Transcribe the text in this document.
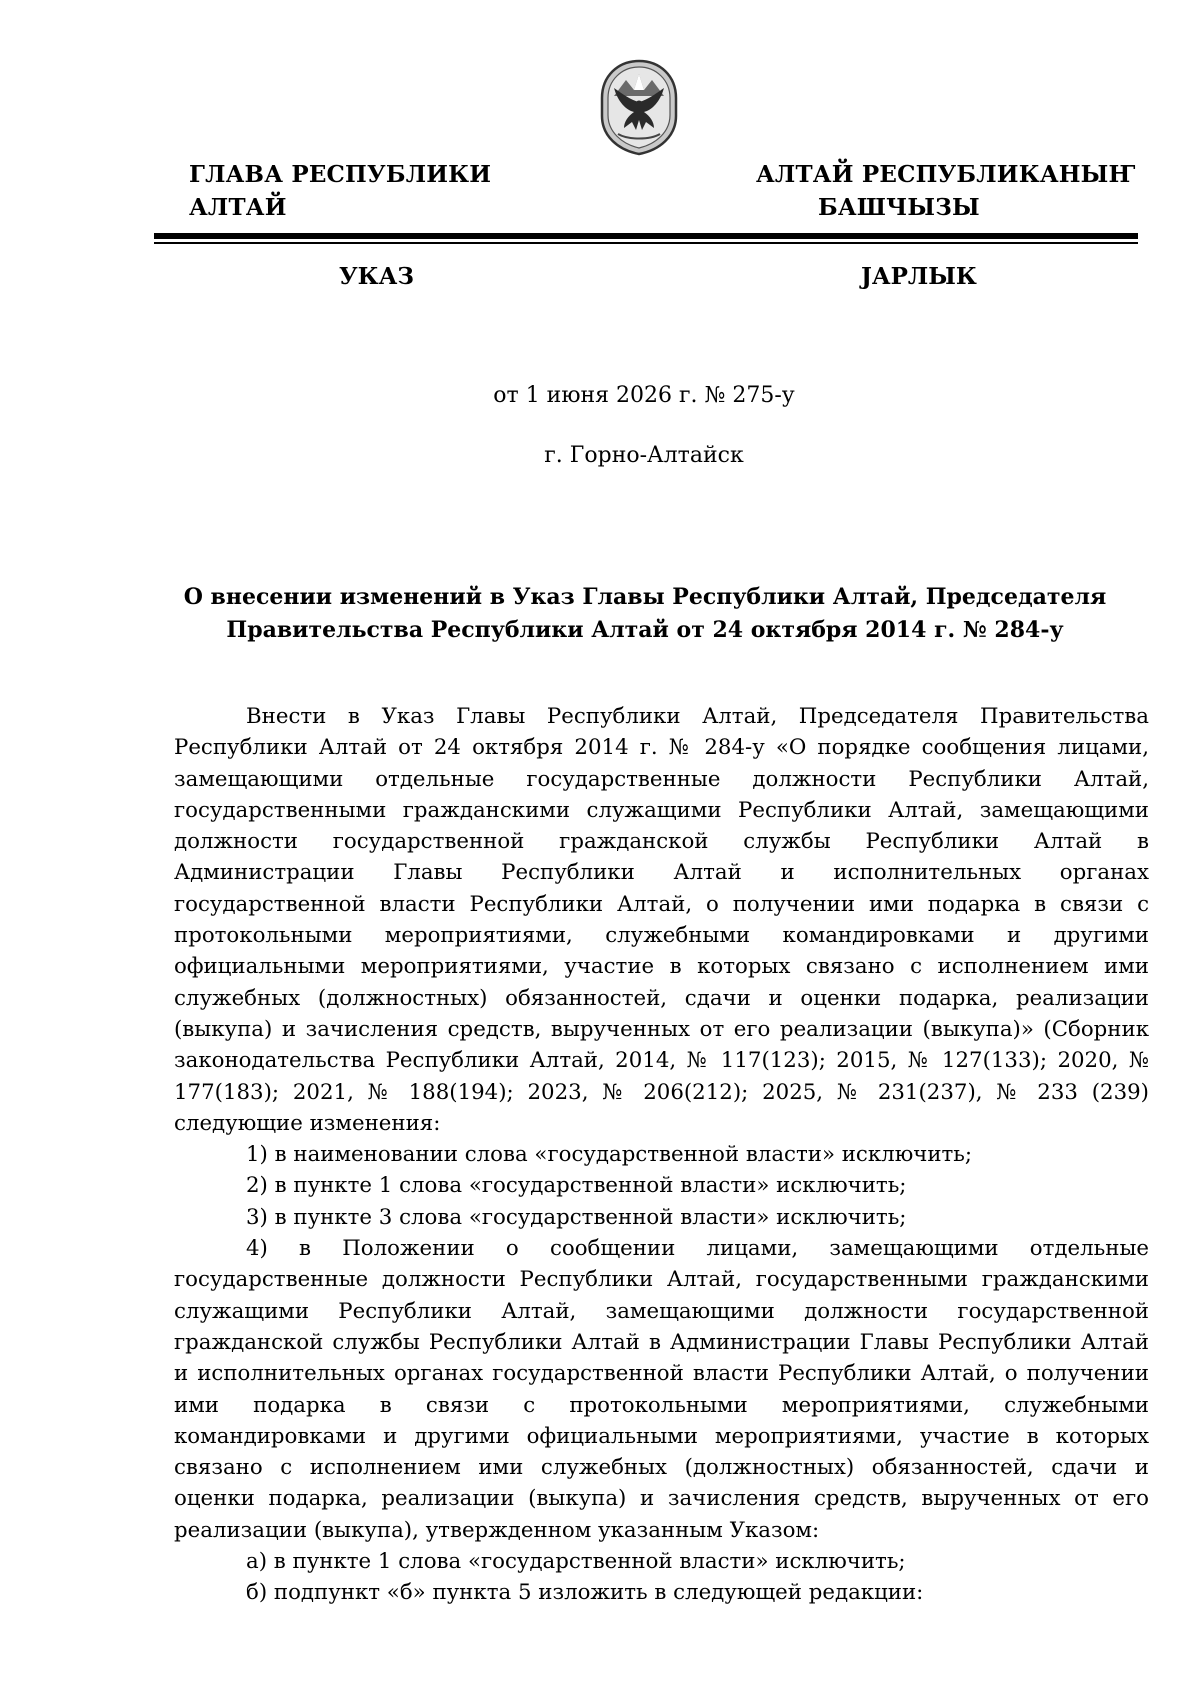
ГЛАВА РЕСПУБЛИКИ АЛТАЙ
АЛТАЙ РЕСПУБЛИКАНЫҤ
БАШЧЫЗЫ
УКАЗ	ЈАРЛЫК
от 1 июня 2026 г. № 275-у
г. Горно-Алтайск
О внесении изменений в Указ Главы Республики Алтай, Председателя
Правительства Республики Алтай от 24 октября 2014 г. № 284-у

Внести в Указ Главы Республики Алтай, Председателя Правительства Республики Алтай от 24 октября 2014 г. № 284-у «О порядке сообщения лицами, замещающими отдельные государственные должности Республики Алтай, государственными гражданскими служащими Республики Алтай, замещающими должности государственной гражданской службы Республики Алтай в Администрации Главы Республики Алтай и исполнительных органах государственной власти Республики Алтай, о получении ими подарка в связи с протокольными мероприятиями, служебными командировками и другими официальными мероприятиями, участие в которых связано с исполнением ими служебных (должностных) обязанностей, сдачи и оценки подарка, реализации (выкупа) и зачисления средств, вырученных от его реализации (выкупа)» (Сборник законодательства Республики Алтай, 2014, № 117(123); 2015, № 127(133); 2020, № 177(183); 2021, № 188(194); 2023, № 206(212); 2025, № 231(237), № 233 (239) следующие изменения:

1) в наименовании слова «государственной власти» исключить;

2) в пункте 1 слова «государственной власти» исключить;

3) в пункте 3 слова «государственной власти» исключить;

4) в Положении о сообщении лицами, замещающими отдельные государственные должности Республики Алтай, государственными гражданскими служащими Республики Алтай, замещающими должности государственной гражданской службы Республики Алтай в Администрации Главы Республики Алтай и исполнительных органах государственной власти Республики Алтай, о получении ими подарка в связи с протокольными мероприятиями, служебными командировками и другими официальными мероприятиями, участие в которых связано с исполнением ими служебных (должностных) обязанностей, сдачи и оценки подарка, реализации (выкупа) и зачисления средств, вырученных от его реализации (выкупа), утвержденном указанным Указом:

а) в пункте 1 слова «государственной власти» исключить;

б) подпункт «б» пункта 5 изложить в следующей редакции:
